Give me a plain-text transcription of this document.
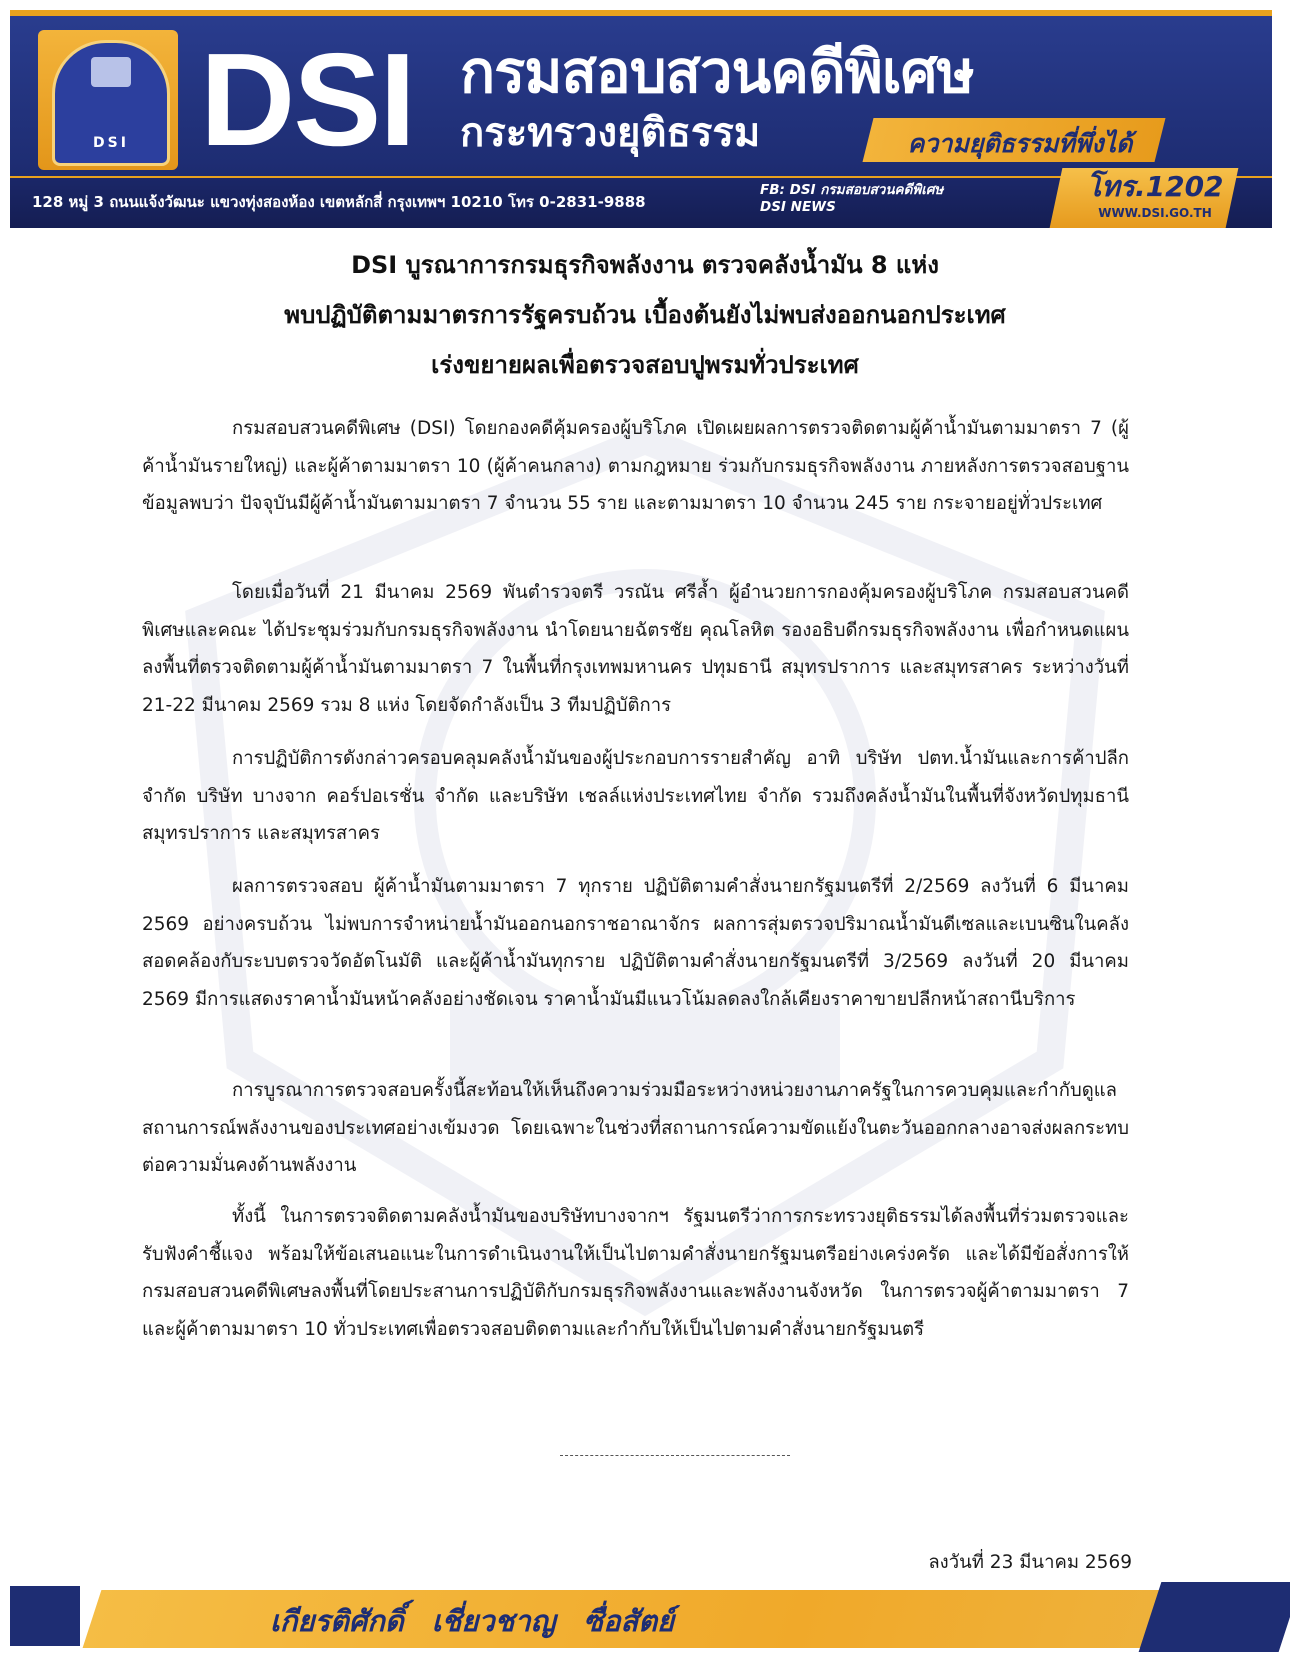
DSI DSI กรมสอบสวนคดีพิเศษ
กระทรวงยุติธรรม	ความยุติธรรมที่พึ่งได้
128 หมู่ 3 ถนนแจ้งวัฒนะ แขวงทุ่งสองห้อง เขตหลักสี่ กรุงเทพฯ 10210 โทร 0-2831-9888
FB: DSI กรมสอบสวนคดีพิเศษ
DSI NEWS
โทร.1202
WWW.DSI.GO.TH
DSI บูรณาการกรมธุรกิจพลังงาน ตรวจคลังน้ำมัน 8 แห่ง
พบปฏิบัติตามมาตรการรัฐครบถ้วน เบื้องต้นยังไม่พบส่งออกนอกประเทศ
เร่งขยายผลเพื่อตรวจสอบปูพรมทั่วประเทศ
กรมสอบสวนคดีพิเศษ (DSI) โดยกองคดีคุ้มครองผู้บริโภค เปิดเผยผลการตรวจติดตามผู้ค้าน้ำมันตามมาตรา 7 (ผู้ค้าน้ำมันรายใหญ่) และผู้ค้าตามมาตรา 10 (ผู้ค้าคนกลาง) ตามกฎหมาย ร่วมกับกรมธุรกิจพลังงาน ภายหลังการตรวจสอบฐานข้อมูลพบว่า ปัจจุบันมีผู้ค้าน้ำมันตามมาตรา 7 จำนวน 55 ราย และตามมาตรา 10 จำนวน 245 ราย กระจายอยู่ทั่วประเทศ
โดยเมื่อวันที่ 21 มีนาคม 2569 พันตำรวจตรี วรณัน ศรีล้ำ ผู้อำนวยการกองคุ้มครองผู้บริโภค กรมสอบสวนคดีพิเศษและคณะ ได้ประชุมร่วมกับกรมธุรกิจพลังงาน นำโดยนายฉัตรชัย คุณโลหิต รองอธิบดีกรมธุรกิจพลังงาน เพื่อกำหนดแผนลงพื้นที่ตรวจติดตามผู้ค้าน้ำมันตามมาตรา 7 ในพื้นที่กรุงเทพมหานคร ปทุมธานี สมุทรปราการ และสมุทรสาคร ระหว่างวันที่ 21-22 มีนาคม 2569 รวม 8 แห่ง โดยจัดกำลังเป็น 3 ทีมปฏิบัติการ
การปฏิบัติการดังกล่าวครอบคลุมคลังน้ำมันของผู้ประกอบการรายสำคัญ อาทิ บริษัท ปตท.น้ำมันและการค้าปลีก จำกัด บริษัท บางจาก คอร์ปอเรชั่น จำกัด และบริษัท เชลล์แห่งประเทศไทย จำกัด รวมถึงคลังน้ำมันในพื้นที่จังหวัดปทุมธานี สมุทรปราการ และสมุทรสาคร
ผลการตรวจสอบ ผู้ค้าน้ำมันตามมาตรา 7 ทุกราย ปฏิบัติตามคำสั่งนายกรัฐมนตรีที่ 2/2569 ลงวันที่ 6 มีนาคม 2569 อย่างครบถ้วน ไม่พบการจำหน่ายน้ำมันออกนอกราชอาณาจักร ผลการสุ่มตรวจปริมาณน้ำมันดีเซลและเบนซินในคลัง สอดคล้องกับระบบตรวจวัดอัตโนมัติ และผู้ค้าน้ำมันทุกราย ปฏิบัติตามคำสั่งนายกรัฐมนตรีที่ 3/2569 ลงวันที่ 20 มีนาคม 2569 มีการแสดงราคาน้ำมันหน้าคลังอย่างชัดเจน ราคาน้ำมันมีแนวโน้มลดลงใกล้เคียงราคาขายปลีกหน้าสถานีบริการ
การบูรณาการตรวจสอบครั้งนี้สะท้อนให้เห็นถึงความร่วมมือระหว่างหน่วยงานภาครัฐในการควบคุมและกำกับดูแลสถานการณ์พลังงานของประเทศอย่างเข้มงวด โดยเฉพาะในช่วงที่สถานการณ์ความขัดแย้งในตะวันออกกลางอาจส่งผลกระทบต่อความมั่นคงด้านพลังงาน
ทั้งนี้ ในการตรวจติดตามคลังน้ำมันของบริษัทบางจากฯ รัฐมนตรีว่าการกระทรวงยุติธรรมได้ลงพื้นที่ร่วมตรวจและรับฟังคำชี้แจง พร้อมให้ข้อเสนอแนะในการดำเนินงานให้เป็นไปตามคำสั่งนายกรัฐมนตรีอย่างเคร่งครัด และได้มีข้อสั่งการให้กรมสอบสวนคดีพิเศษลงพื้นที่โดยประสานการปฏิบัติกับกรมธุรกิจพลังงานและพลังงานจังหวัด ในการตรวจผู้ค้าตามมาตรา 7 และผู้ค้าตามมาตรา 10 ทั่วประเทศเพื่อตรวจสอบติดตามและกำกับให้เป็นไปตามคำสั่งนายกรัฐมนตรี
ลงวันที่ 23 มีนาคม 2569
เกียรติศักดิ์ เชี่ยวชาญ ซื่อสัตย์
